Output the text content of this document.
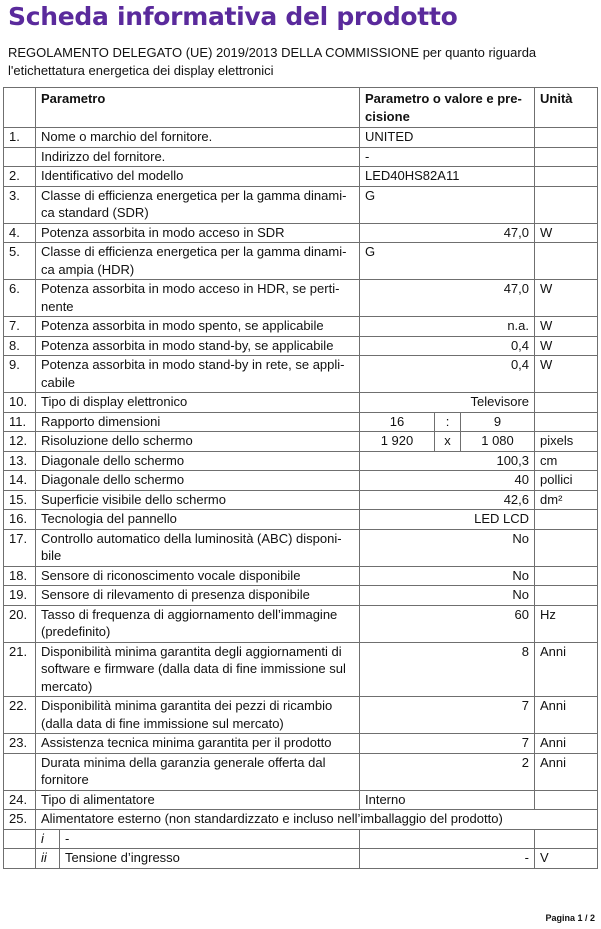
Scheda informativa del prodotto
REGOLAMENTO DELEGATO (UE) 2019/2013 DELLA COMMISSIONE per quanto riguarda l'etichettatura energetica dei display elettronici
	Parametro		Parametro o valore e pre-cisione			Unità
1.	Nome o marchio del fornitore.		UNITED			
	Indirizzo del fornitore.		-			
2.	Identificativo del modello		LED40HS82A11			
3.	Classe di efficienza energetica per la gamma dinami-ca standard (SDR)		G			
4.	Potenza assorbita in modo acceso in SDR		47,0			W
5.	Classe di efficienza energetica per la gamma dinami-ca ampia (HDR)		G			
6.	Potenza assorbita in modo acceso in HDR, se perti-nente		47,0			W
7.	Potenza assorbita in modo spento, se applicabile		n.a.			W
8.	Potenza assorbita in modo stand-by, se applicabile		0,4			W
9.	Potenza assorbita in modo stand-by in rete, se appli-cabile		0,4			W
10.	Tipo di display elettronico		Televisore			
11.	Rapporto dimensioni		16	:	9	
12.	Risoluzione dello schermo		1 920	x	1 080	pixels
13.	Diagonale dello schermo		100,3			cm
14.	Diagonale dello schermo		40			pollici
15.	Superficie visibile dello schermo		42,6			dm²
16.	Tecnologia del pannello		LED LCD			
17.	Controllo automatico della luminosità (ABC) disponi-bile		No			
18.	Sensore di riconoscimento vocale disponibile		No			
19.	Sensore di rilevamento di presenza disponibile		No			
20.	Tasso di frequenza di aggiornamento dell’immagine (predefinito)		60			Hz
21.	Disponibilità minima garantita degli aggiornamenti di software e firmware (dalla data di fine immissione sul mercato)		8			Anni
22.	Disponibilità minima garantita dei pezzi di ricambio (dalla data di fine immissione sul mercato)		7			Anni
23.	Assistenza tecnica minima garantita per il prodotto		7			Anni
	Durata minima della garanzia generale offerta dal fornitore		2			Anni
24.	Tipo di alimentatore		Interno			
25.	Alimentatore esterno (non standardizzato e incluso nell’imballaggio del prodotto)					
	i	-				
	ii	Tensione d’ingresso	-			V
Pagina 1 / 2
